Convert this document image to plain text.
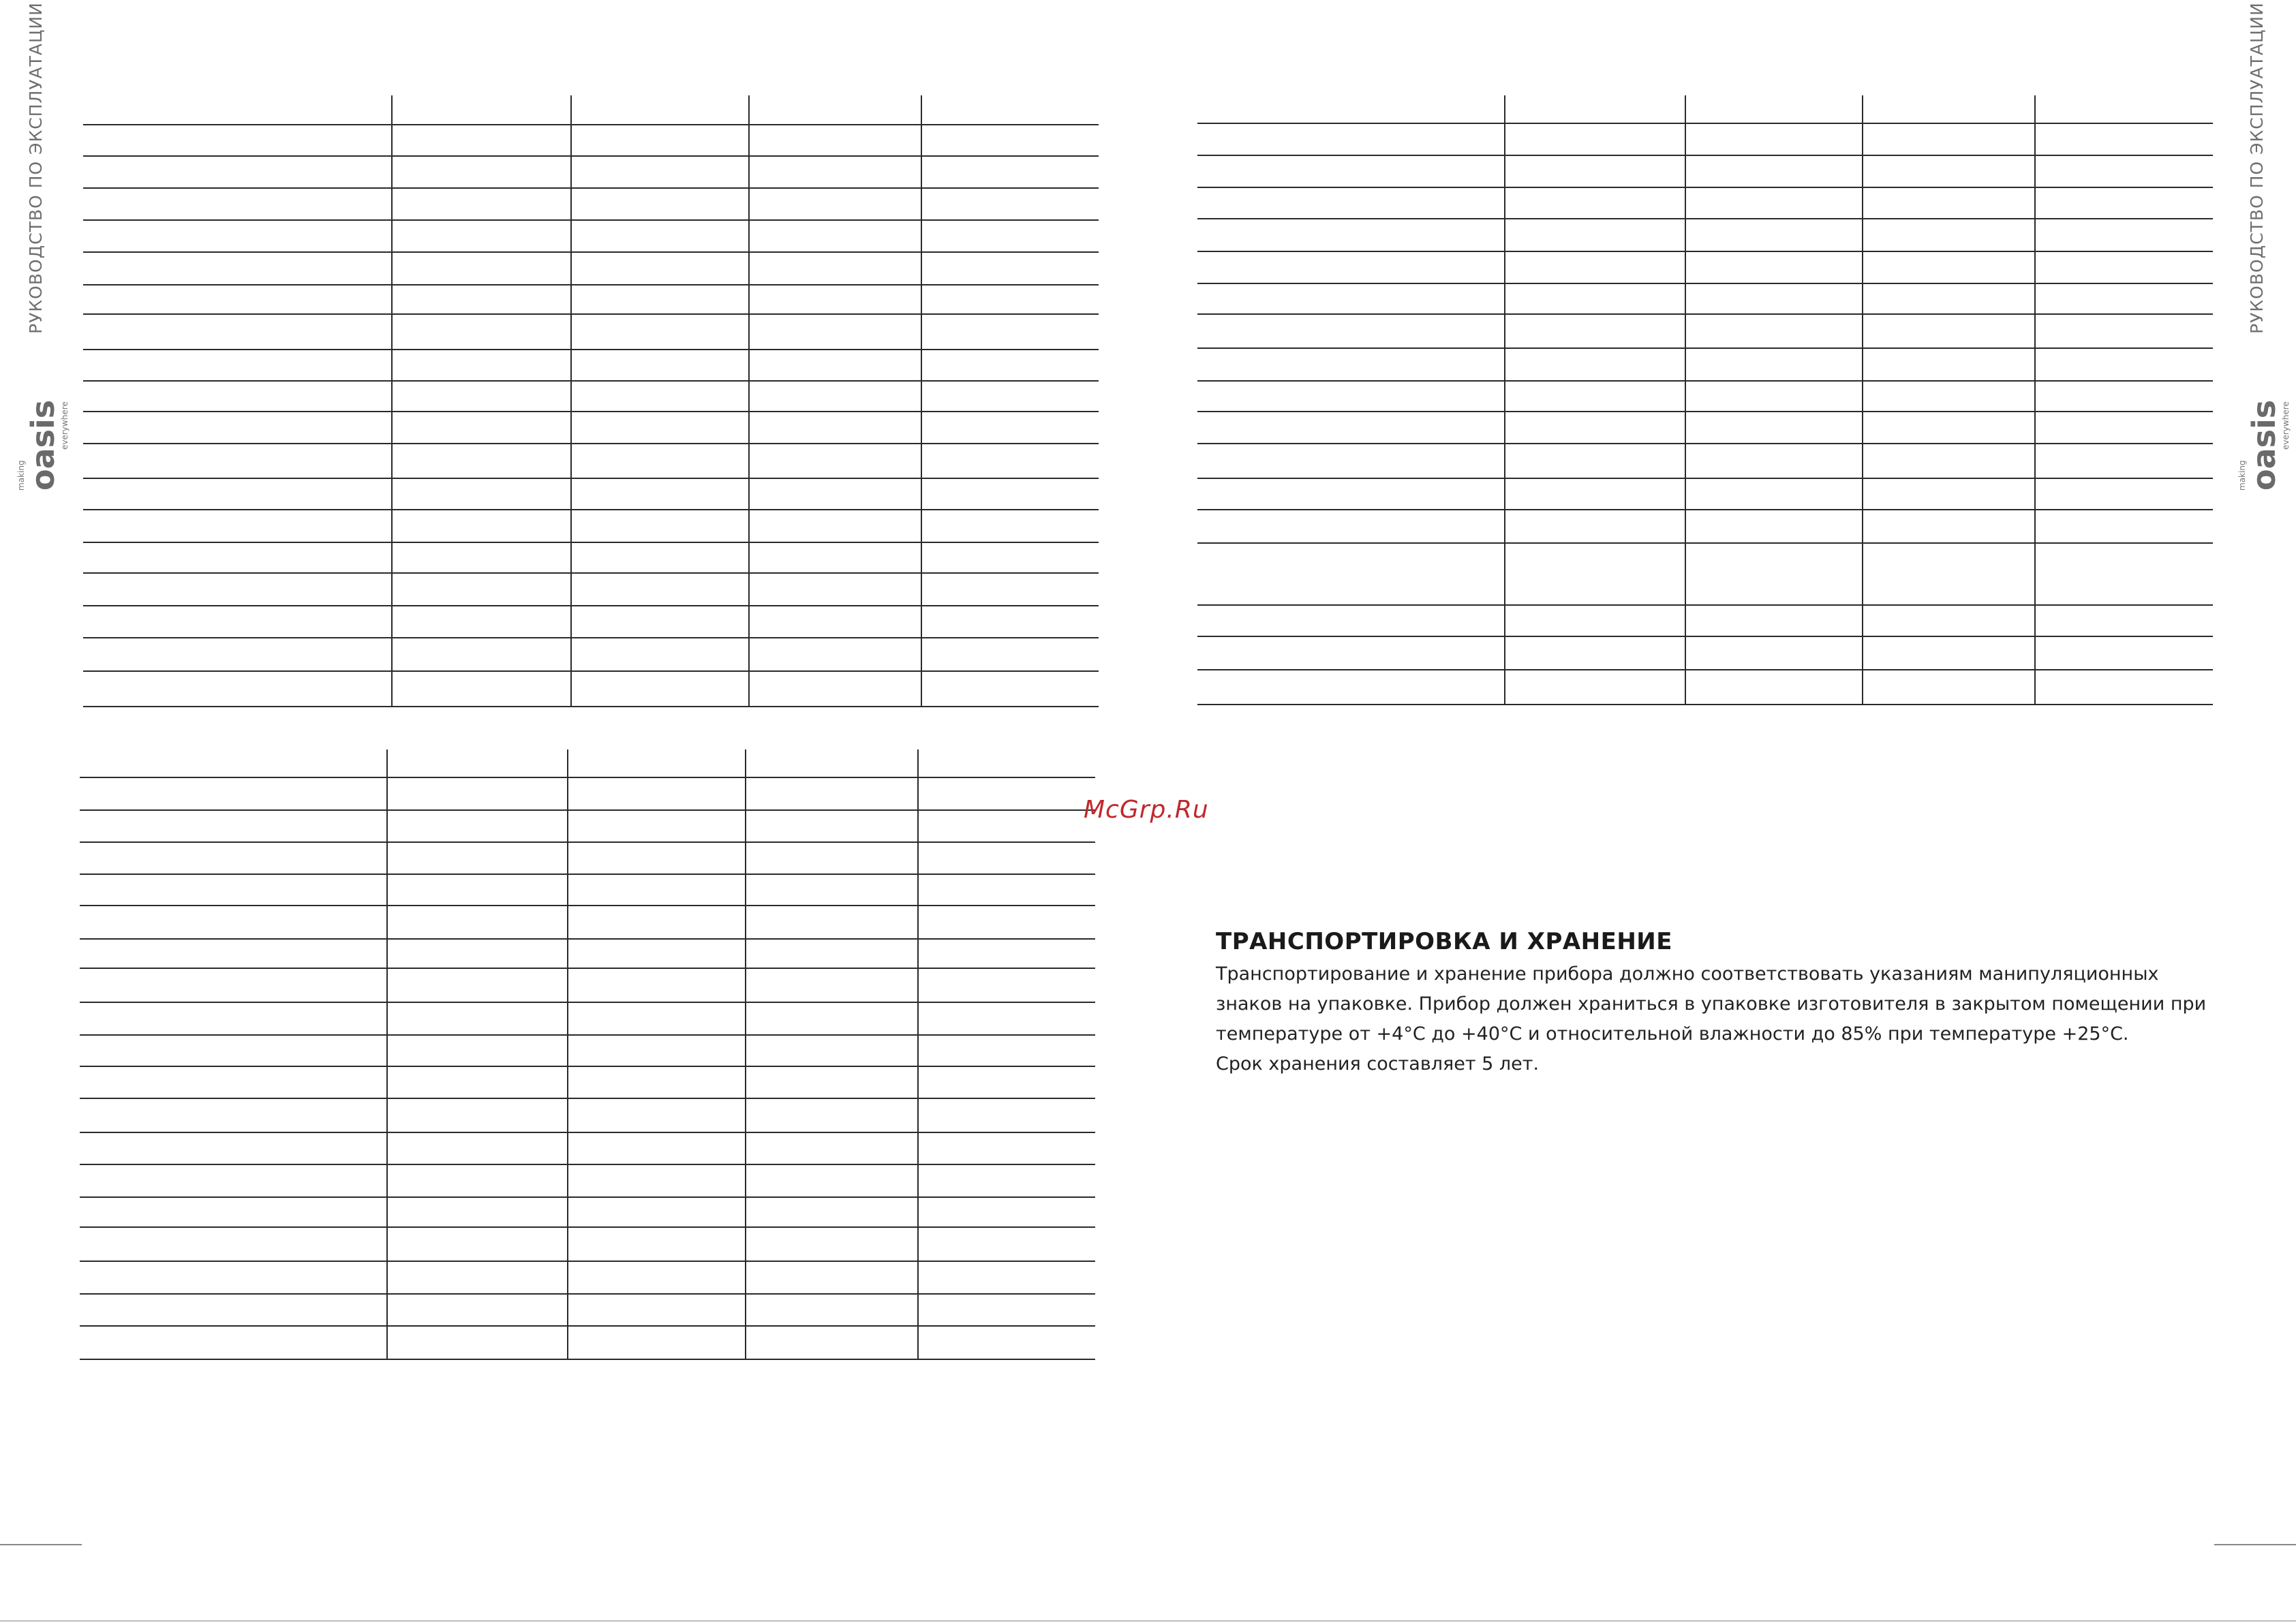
РУКОВОДСТВО ПО ЭКСПЛУАТАЦИИ
making
oasis
everywhere
РУКОВОДСТВО ПО ЭКСПЛУАТАЦИИ
making
oasis
everywhere
McGrp.Ru
ТРАНСПОРТИРОВКА И ХРАНЕНИЕ
Транспортирование и хранение прибора должно соответствовать указаниям манипуляционных
знаков на упаковке. Прибор должен храниться в упаковке изготовителя в закрытом помещении при
температуре от +4°C до +40°C и относительной влажности до 85% при температуре +25°C.
Срок хранения составляет 5 лет.
